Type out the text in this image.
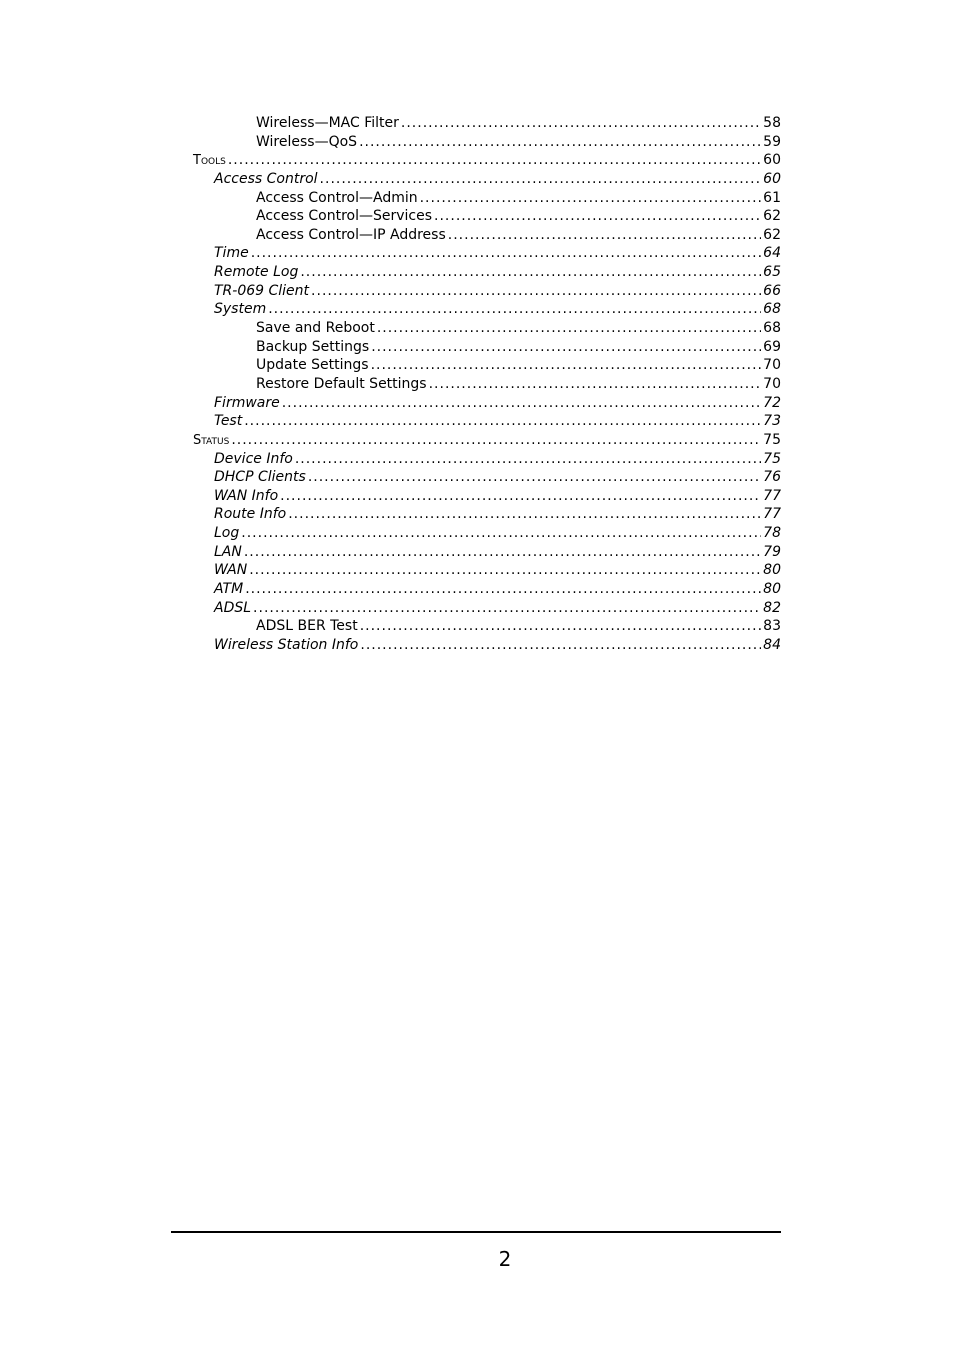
Wireless—MAC Filter .....	58
Wireless—QoS .....	59
Tools .....	60
Access Control .....	60
Access Control—Admin .....	61
Access Control—Services .....	62
Access Control—IP Address .....	62
Time .....	64
Remote Log .....	65
TR-069 Client .....	66
System .....	68
Save and Reboot .....	68
Backup Settings .....	69
Update Settings .....	70
Restore Default Settings .....	70
Firmware .....	72
Test .....	73
Status .....	75
Device Info .....	75
DHCP Clients .....	76
WAN Info .....	77
Route Info .....	77
Log .....	78
LAN .....	79
WAN .....	80
ATM .....	80
ADSL .....	82
ADSL BER Test .....	83
Wireless Station Info .....	84
2
